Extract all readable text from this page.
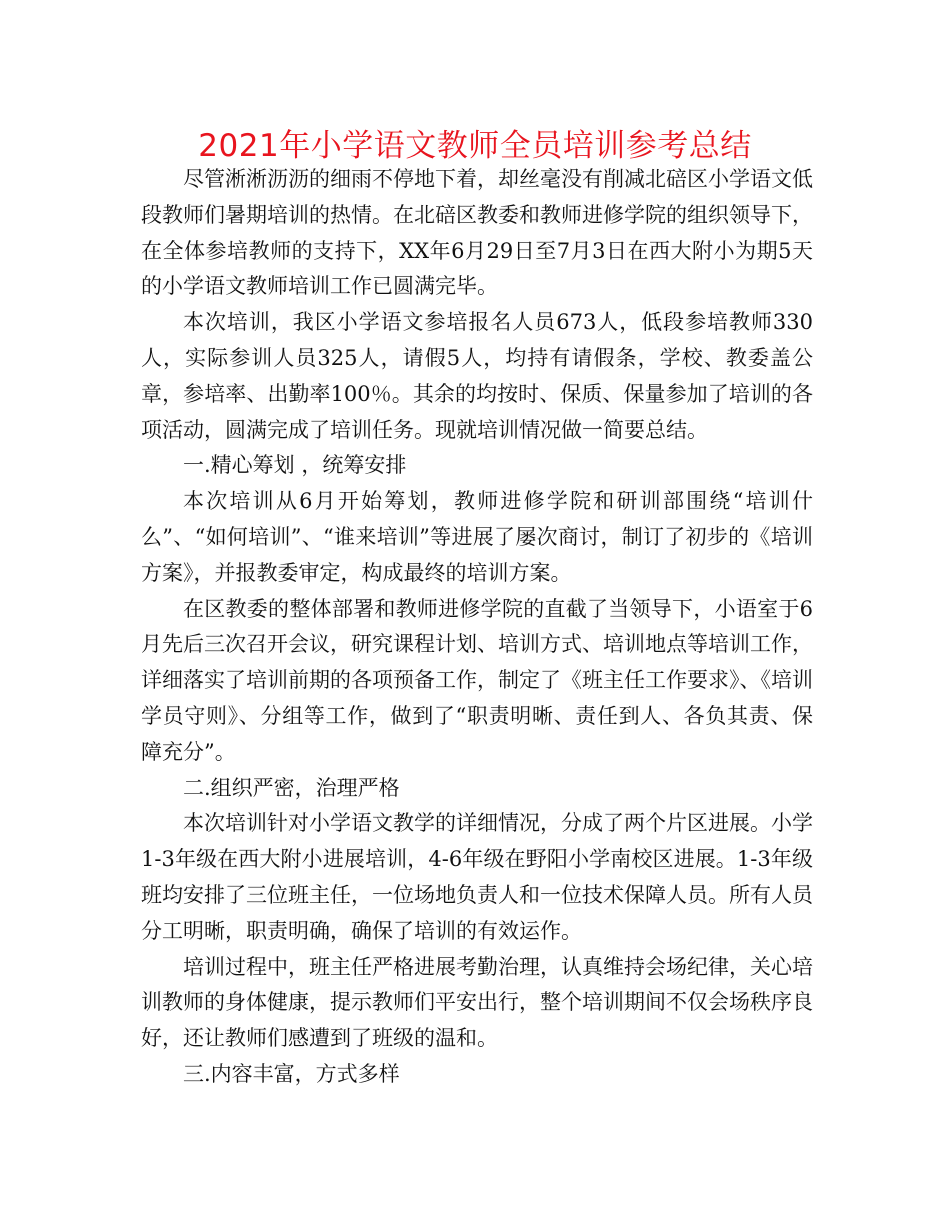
2021年小学语文教师全员培训参考总结

尽管淅淅沥沥的细雨不停地下着，却丝毫没有削减北碚区小学语文低段教师们暑期培训的热情。在北碚区教委和教师进修学院的组织领导下，在全体参培教师的支持下，XX年6月29日至7月3日在西大附小为期5天的小学语文教师培训工作已圆满完毕。

本次培训，我区小学语文参培报名人员673人，低段参培教师330人，实际参训人员325人，请假5人，均持有请假条，学校、教委盖公章，参培率、出勤率100％。其余的均按时、保质、保量参加了培训的各项活动，圆满完成了培训任务。现就培训情况做一简要总结。

一.精心筹划 ，统筹安排

本次培训从6月开始筹划，教师进修学院和研训部围绕“培训什么”、“如何培训”、“谁来培训”等进展了屡次商讨，制订了初步的《培训方案》，并报教委审定，构成最终的培训方案。

在区教委的整体部署和教师进修学院的直截了当领导下，小语室于6月先后三次召开会议，研究课程计划、培训方式、培训地点等培训工作，详细落实了培训前期的各项预备工作，制定了《班主任工作要求》、《培训学员守则》、分组等工作，做到了“职责明晰、责任到人、各负其责、保障充分”。

二.组织严密，治理严格

本次培训针对小学语文教学的详细情况，分成了两个片区进展。小学1-3年级在西大附小进展培训，4-6年级在野阳小学南校区进展。1-3年级班均安排了三位班主任，一位场地负责人和一位技术保障人员。所有人员分工明晰，职责明确，确保了培训的有效运作。

培训过程中，班主任严格进展考勤治理，认真维持会场纪律，关心培训教师的身体健康，提示教师们平安出行，整个培训期间不仅会场秩序良好，还让教师们感遭到了班级的温和。

三.内容丰富，方式多样
